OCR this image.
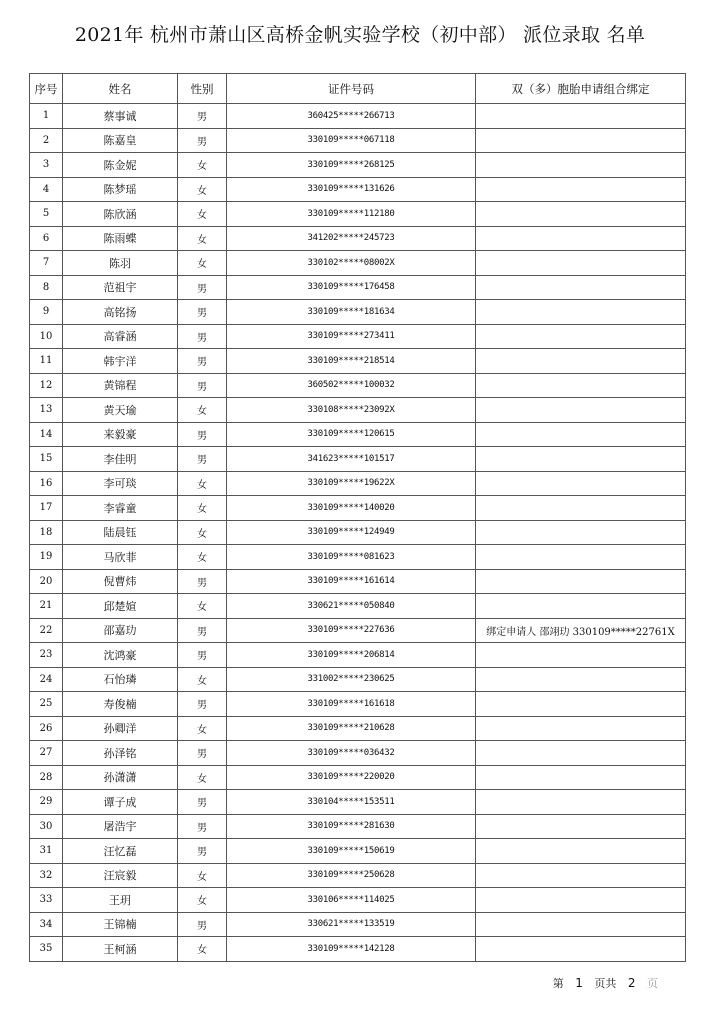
2021年 杭州市萧山区高桥金帆实验学校（初中部） 派位录取 名单
序号	姓名	性别	证件号码	双（多）胞胎申请组合绑定
1	蔡事诚	男	360425*****266713	
2	陈嘉皇	男	330109*****067118	
3	陈金妮	女	330109*****268125	
4	陈梦瑶	女	330109*****131626	
5	陈欣涵	女	330109*****112180	
6	陈雨蝶	女	341202*****245723	
7	陈羽	女	330102*****08002X	
8	范祖宇	男	330109*****176458	
9	高铭扬	男	330109*****181634	
10	高睿涵	男	330109*****273411	
11	韩宇洋	男	330109*****218514	
12	黄锦程	男	360502*****100032	
13	黄天瑜	女	330108*****23092X	
14	来毅豪	男	330109*****120615	
15	李佳明	男	341623*****101517	
16	李可琰	女	330109*****19622X	
17	李睿童	女	330109*****140020	
18	陆晨钰	女	330109*****124949	
19	马欣菲	女	330109*****081623	
20	倪曹炜	男	330109*****161614	
21	邱楚媗	女	330621*****050840	
22	邵嘉玏	男	330109*****227636	绑定申请人 邵翊玏 330109*****22761X
23	沈鸿豪	男	330109*****206814	
24	石怡璘	女	331002*****230625	
25	寿俊楠	男	330109*****161618	
26	孙卿洋	女	330109*****210628	
27	孙泽铭	男	330109*****036432	
28	孙潇潇	女	330109*****220020	
29	谭子成	男	330104*****153511	
30	屠浩宇	男	330109*****281630	
31	汪忆磊	男	330109*****150619	
32	汪宸毅	女	330109*****250628	
33	王玥	女	330106*****114025	
34	王锦楠	男	330621*****133519	
35	王柯涵	女	330109*****142128	
第 1 页共 2 页
